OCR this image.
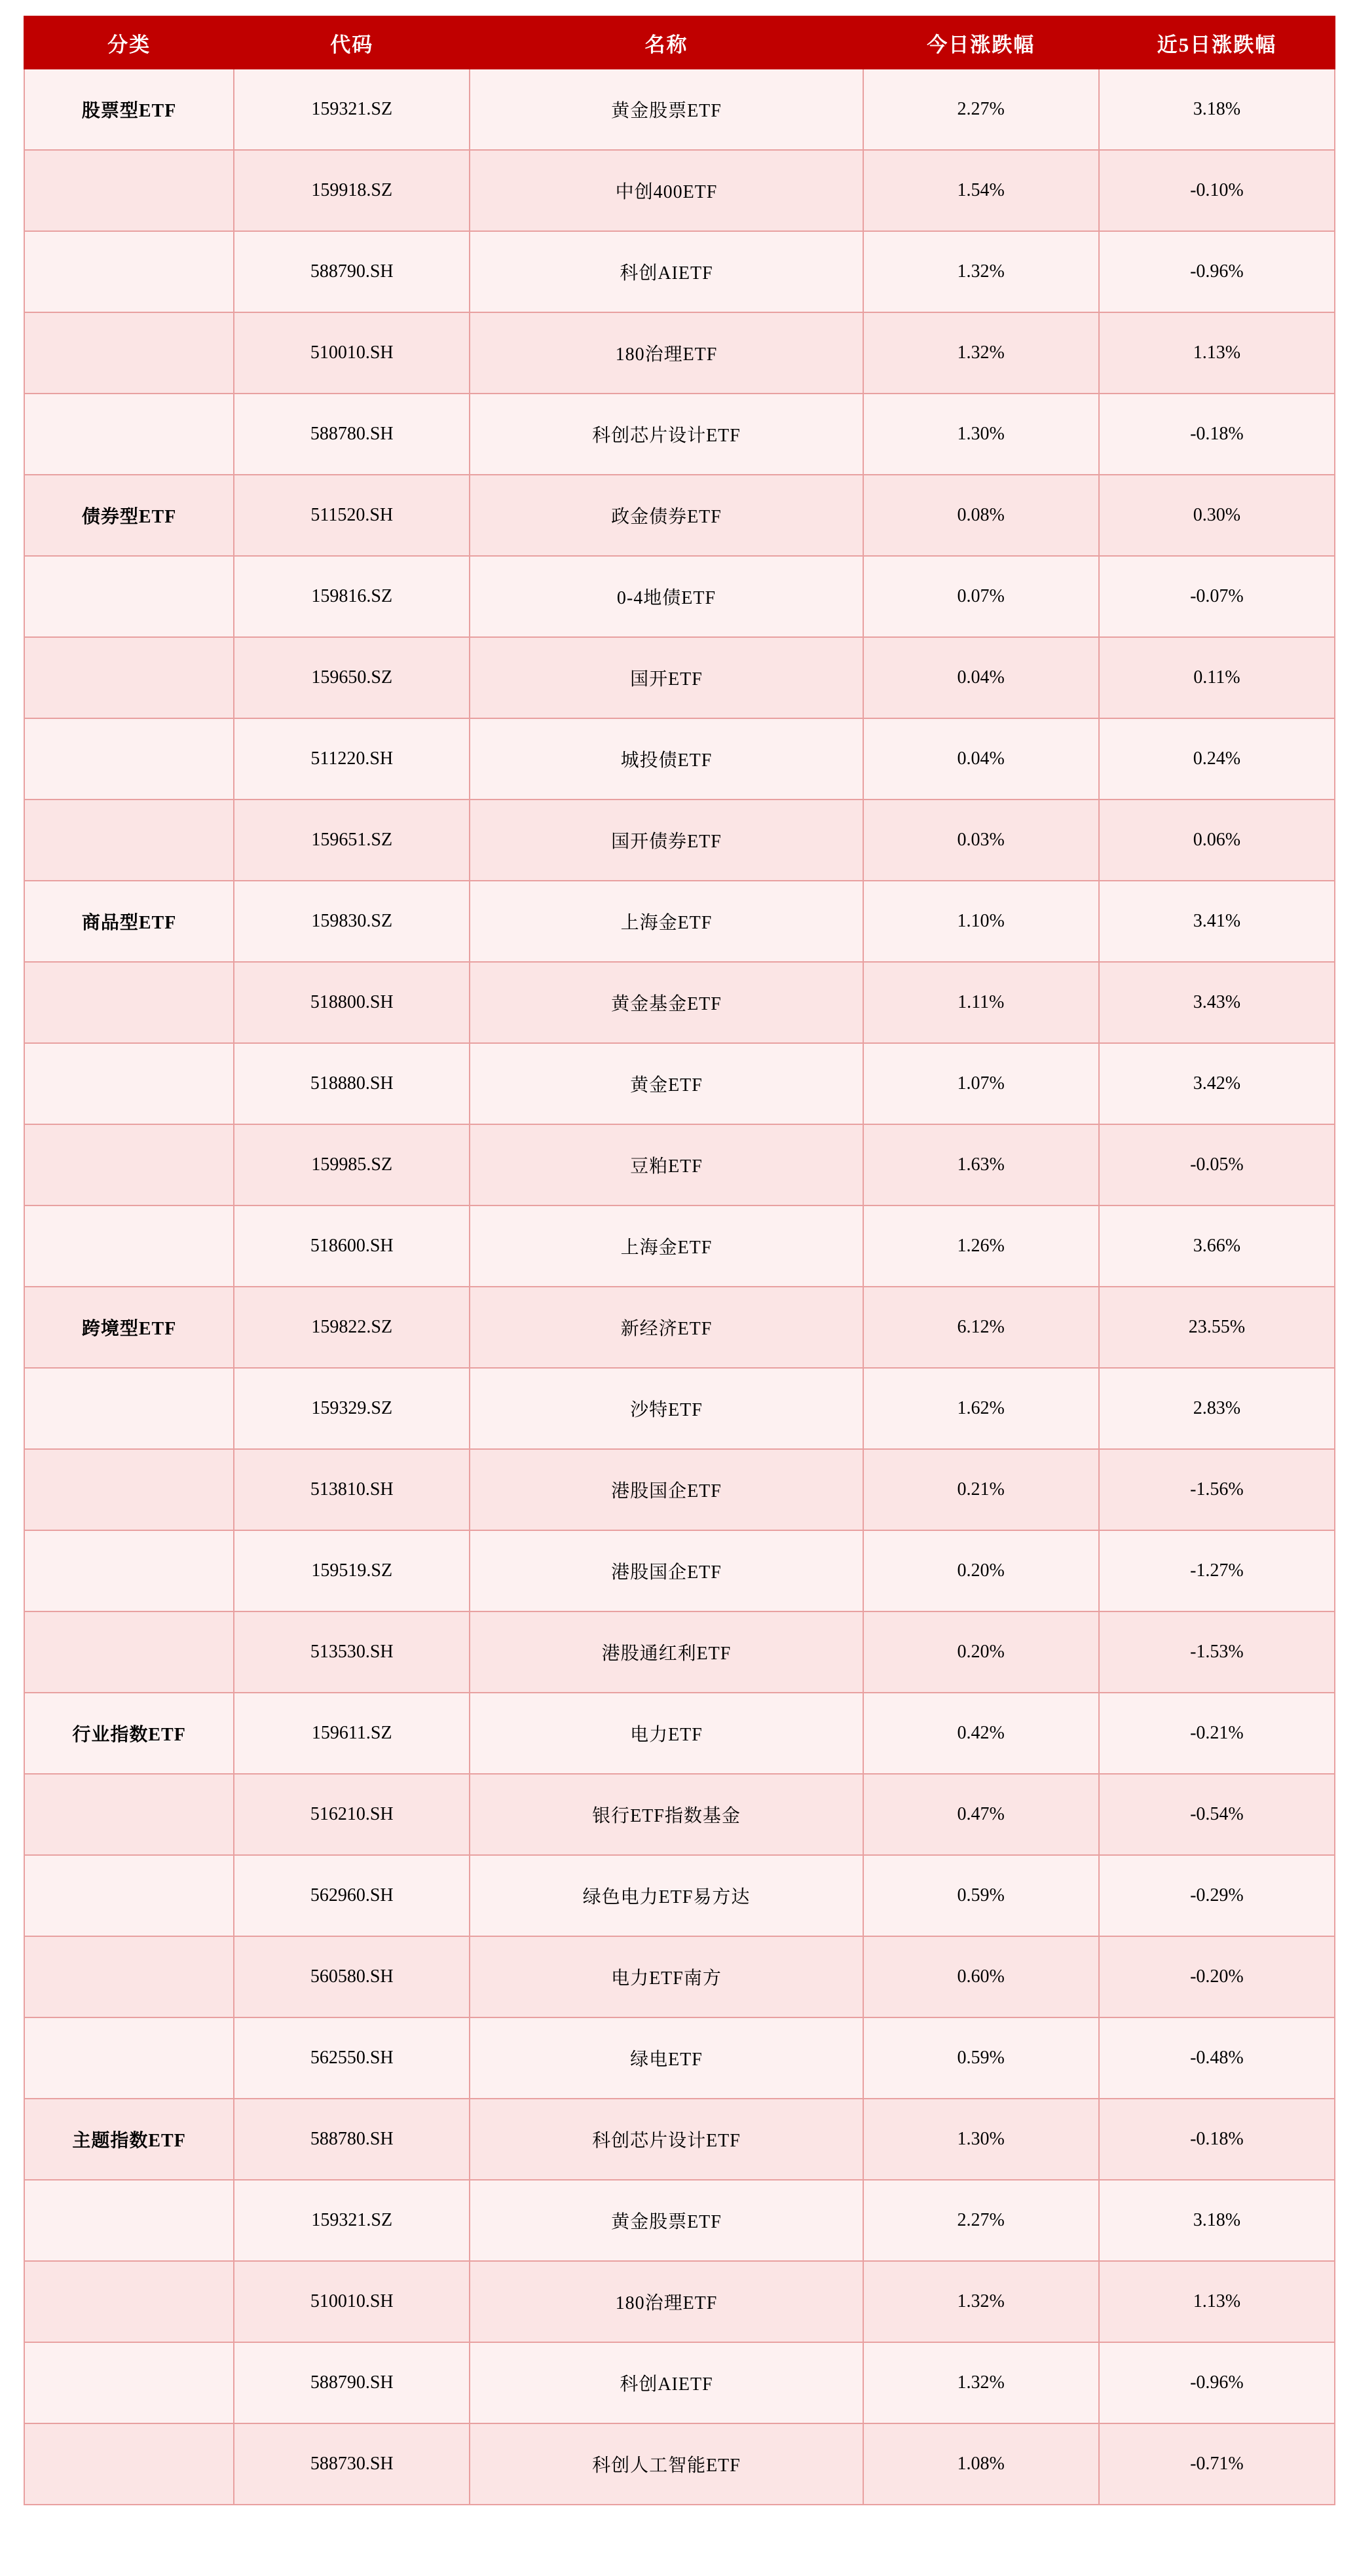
分类	代码	名称	今日涨跌幅	近5日涨跌幅
股票型ETF	159321.SZ	黄金股票ETF	2.27%	3.18%
	159918.SZ	中创400ETF	1.54%	-0.10%
	588790.SH	科创AIETF	1.32%	-0.96%
	510010.SH	180治理ETF	1.32%	1.13%
	588780.SH	科创芯片设计ETF	1.30%	-0.18%
债券型ETF	511520.SH	政金债券ETF	0.08%	0.30%
	159816.SZ	0-4地债ETF	0.07%	-0.07%
	159650.SZ	国开ETF	0.04%	0.11%
	511220.SH	城投债ETF	0.04%	0.24%
	159651.SZ	国开债券ETF	0.03%	0.06%
商品型ETF	159830.SZ	上海金ETF	1.10%	3.41%
	518800.SH	黄金基金ETF	1.11%	3.43%
	518880.SH	黄金ETF	1.07%	3.42%
	159985.SZ	豆粕ETF	1.63%	-0.05%
	518600.SH	上海金ETF	1.26%	3.66%
跨境型ETF	159822.SZ	新经济ETF	6.12%	23.55%
	159329.SZ	沙特ETF	1.62%	2.83%
	513810.SH	港股国企ETF	0.21%	-1.56%
	159519.SZ	港股国企ETF	0.20%	-1.27%
	513530.SH	港股通红利ETF	0.20%	-1.53%
行业指数ETF	159611.SZ	电力ETF	0.42%	-0.21%
	516210.SH	银行ETF指数基金	0.47%	-0.54%
	562960.SH	绿色电力ETF易方达	0.59%	-0.29%
	560580.SH	电力ETF南方	0.60%	-0.20%
	562550.SH	绿电ETF	0.59%	-0.48%
主题指数ETF	588780.SH	科创芯片设计ETF	1.30%	-0.18%
	159321.SZ	黄金股票ETF	2.27%	3.18%
	510010.SH	180治理ETF	1.32%	1.13%
	588790.SH	科创AIETF	1.32%	-0.96%
	588730.SH	科创人工智能ETF	1.08%	-0.71%
